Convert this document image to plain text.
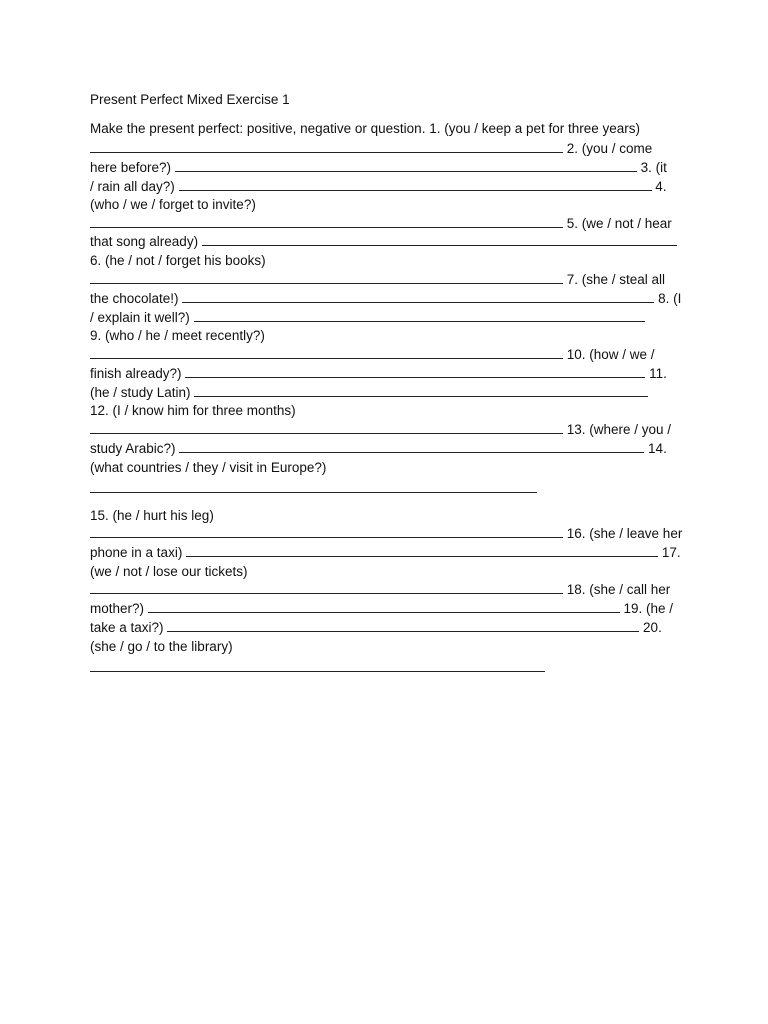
Present Perfect Mixed Exercise 1
Make the present perfect: positive, negative or question. 1. (you / keep a pet for three years)
2. (you / come
here before?)	3. (it
/ rain all day?)	4.
(who / we / forget to invite?)
5. (we / not / hear
that song already)
6. (he / not / forget his books)
7. (she / steal all
the chocolate!)	8. (I
/ explain it well?)
9. (who / he / meet recently?)
10. (how / we /
finish already?)	11.
(he / study Latin)
12. (I / know him for three months)
13. (where / you /
study Arabic?)	14.
(what countries / they / visit in Europe?)
15. (he / hurt his leg)
16. (she / leave her
phone in a taxi)	17.
(we / not / lose our tickets)
18. (she / call her
mother?)	19. (he /
take a taxi?)	20.
(she / go / to the library)
